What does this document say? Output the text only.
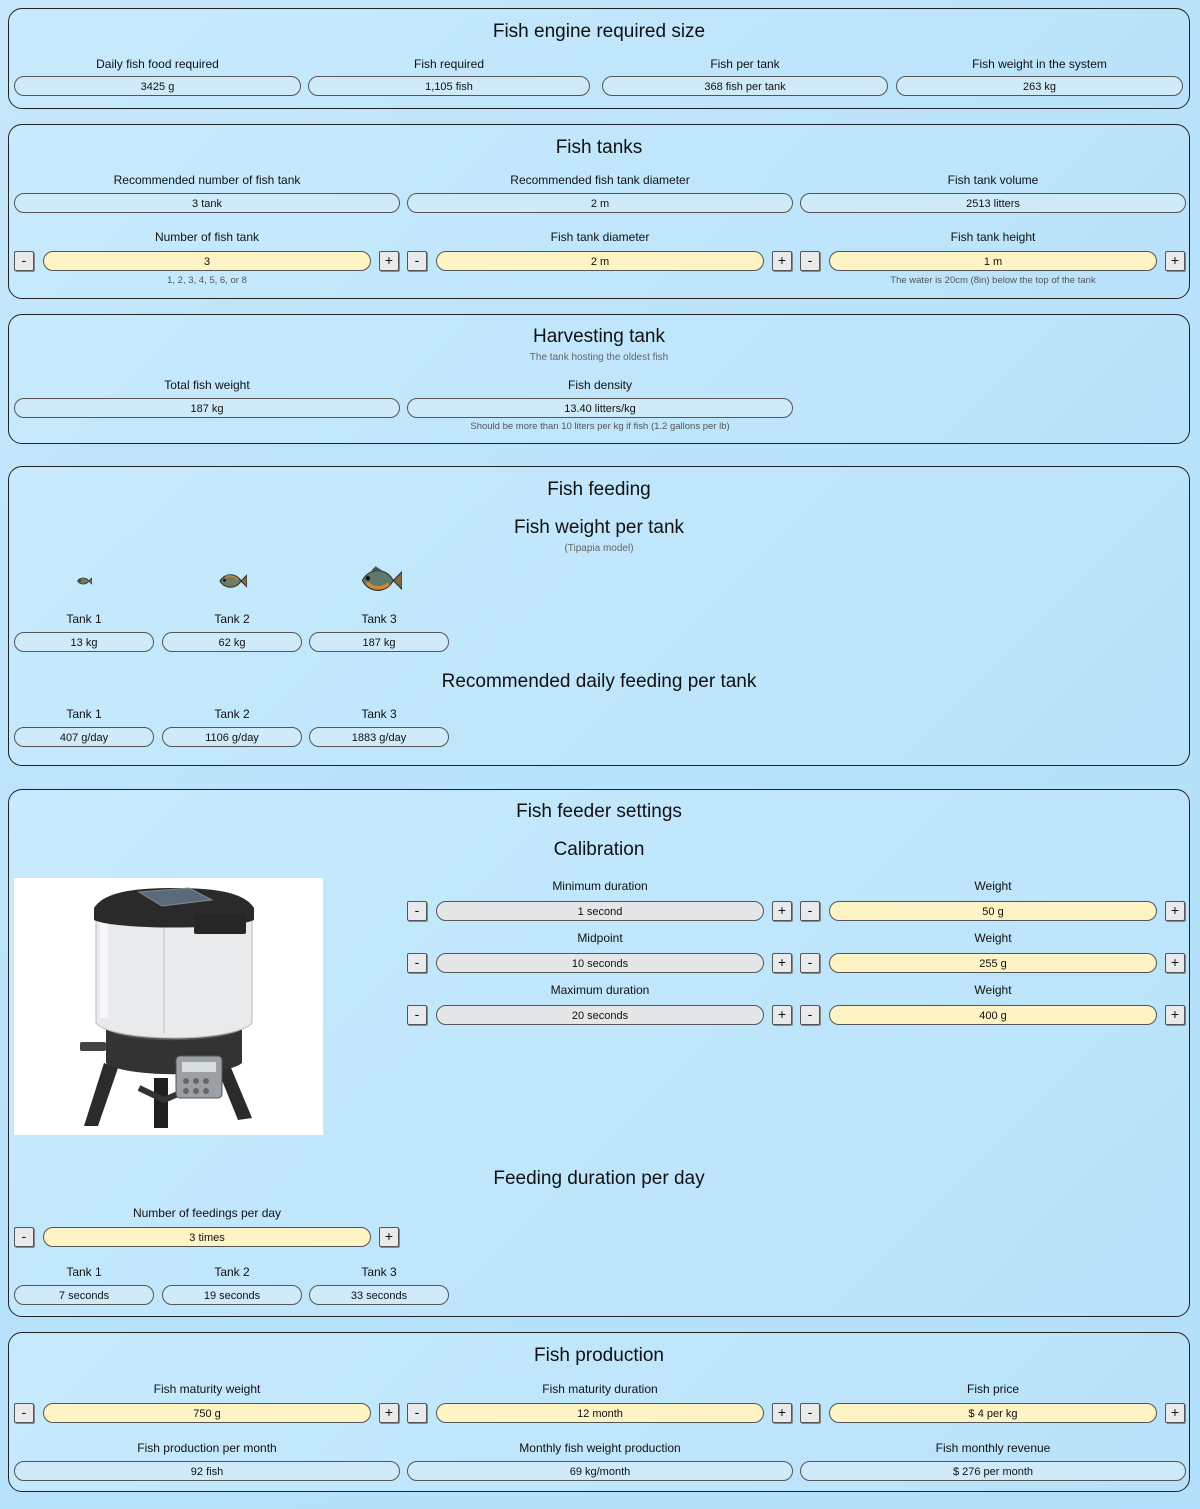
Fish engine required size
Daily fish food required
3425 g
Fish required
1,105 fish
Fish per tank
368 fish per tank
Fish weight in the system
263 kg
Fish tanks
Recommended number of fish tank
3 tank
Recommended fish tank diameter
2 m
Fish tank volume
2513 litters
Number of fish tank
-	3	+
1, 2, 3, 4, 5, 6, or 8
Fish tank diameter
-	2 m	+
Fish tank height
-	1 m	+
The water is 20cm (8in) below the top of the tank
Harvesting tank
The tank hosting the oldest fish
Total fish weight
187 kg
Fish density
13.40 litters/kg
Should be more than 10 liters per kg if fish (1.2 gallons per lb)
Fish feeding
Fish weight per tank
(Tipapia model)
Tank 1
13 kg
Tank 2
62 kg
Tank 3
187 kg
Recommended daily feeding per tank
Tank 1
407 g/day
Tank 2
1106 g/day
Tank 3
1883 g/day
Fish feeder settings
Calibration
Minimum duration
-	1 second	+
Weight
-	50 g	+
Midpoint
-	10 seconds	+
Weight
-	255 g	+
Maximum duration
-	20 seconds	+
Weight
-	400 g	+
Feeding duration per day
Number of feedings per day
-	3 times	+
Tank 1
7 seconds
Tank 2
19 seconds
Tank 3
33 seconds
Fish production
Fish maturity weight
-	750 g	+
Fish maturity duration
-	12 month	+
Fish price
-	$ 4 per kg	+
Fish production per month
92 fish
Monthly fish weight production
69 kg/month
Fish monthly revenue
$ 276 per month
